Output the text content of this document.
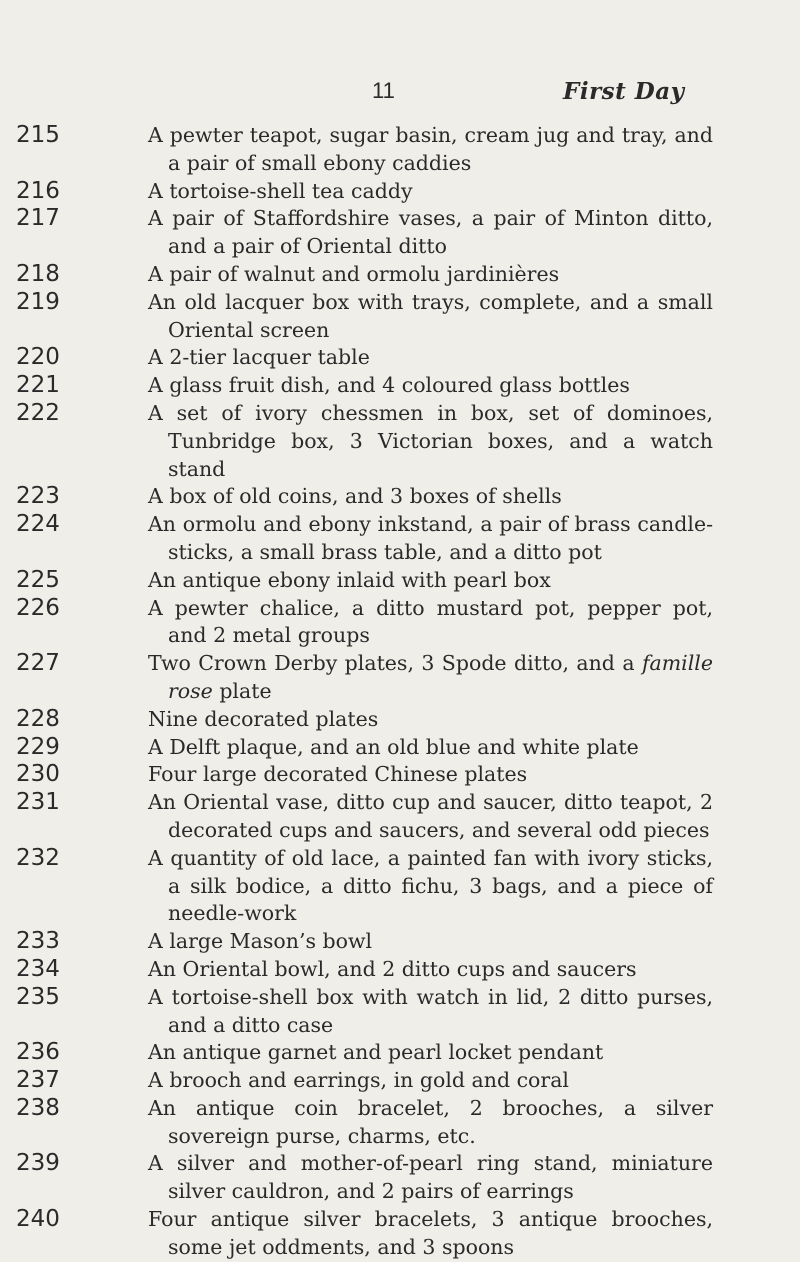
11	First Day
215	A pewter teapot, sugar basin, cream jug and tray, and a pair of small ebony caddies
216	A tortoise-shell tea caddy
217	A pair of Staffordshire vases, a pair of Minton ditto, and a pair of Oriental ditto
218	A pair of walnut and ormolu jardinières
219	An old lacquer box with trays, complete, and a small Oriental screen
220	A 2-tier lacquer table
221	A glass fruit dish, and 4 coloured glass bottles
222	A set of ivory chessmen in box, set of dominoes, Tunbridge box, 3 Victorian boxes, and a watch stand
223	A box of old coins, and 3 boxes of shells
224	An ormolu and ebony inkstand, a pair of brass candle-sticks, a small brass table, and a ditto pot
225	An antique ebony inlaid with pearl box
226	A pewter chalice, a ditto mustard pot, pepper pot, and 2 metal groups
227	Two Crown Derby plates, 3 Spode ditto, and a famille rose plate
228	Nine decorated plates
229	A Delft plaque, and an old blue and white plate
230	Four large decorated Chinese plates
231	An Oriental vase, ditto cup and saucer, ditto teapot, 2 decorated cups and saucers, and several odd pieces
232	A quantity of old lace, a painted fan with ivory sticks, a silk bodice, a ditto fichu, 3 bags, and a piece of needle-work
233	A large Mason’s bowl
234	An Oriental bowl, and 2 ditto cups and saucers
235	A tortoise-shell box with watch in lid, 2 ditto purses, and a ditto case
236	An antique garnet and pearl locket pendant
237	A brooch and earrings, in gold and coral
238	An antique coin bracelet, 2 brooches, a silver sovereign purse, charms, etc.
239	A silver and mother-of-pearl ring stand, miniature silver cauldron, and 2 pairs of earrings
240	Four antique silver bracelets, 3 antique brooches, some jet oddments, and 3 spoons
